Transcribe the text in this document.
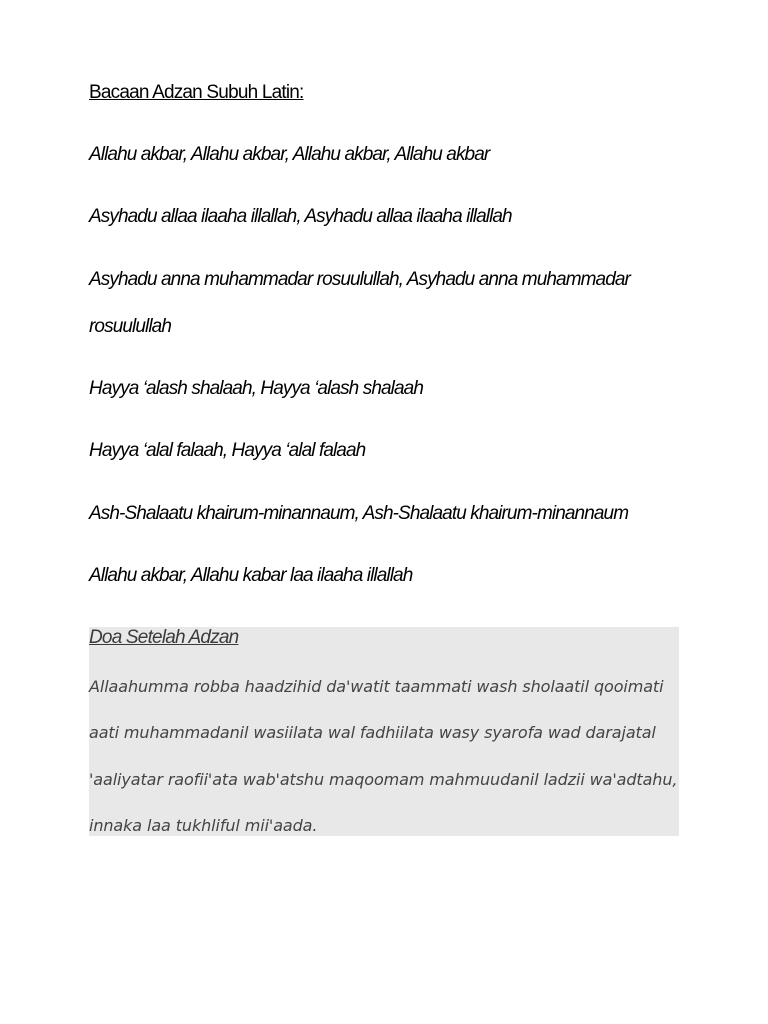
Bacaan Adzan Subuh Latin:
Allahu akbar, Allahu akbar, Allahu akbar, Allahu akbar
Asyhadu allaa ilaaha illallah, Asyhadu allaa ilaaha illallah
Asyhadu anna muhammadar rosuulullah, Asyhadu anna muhammadar
rosuulullah
Hayya ‘alash shalaah, Hayya ‘alash shalaah
Hayya ‘alal falaah, Hayya ‘alal falaah
Ash-Shalaatu khairum-minannaum, Ash-Shalaatu khairum-minannaum
Allahu akbar, Allahu kabar laa ilaaha illallah
Doa Setelah Adzan
Allaahumma robba haadzihid da'watit taammati wash sholaatil qooimati
aati muhammadanil wasiilata wal fadhiilata wasy syarofa wad darajatal
'aaliyatar raofii'ata wab'atshu maqoomam mahmuudanil ladzii wa'adtahu,
innaka laa tukhliful mii'aada.
